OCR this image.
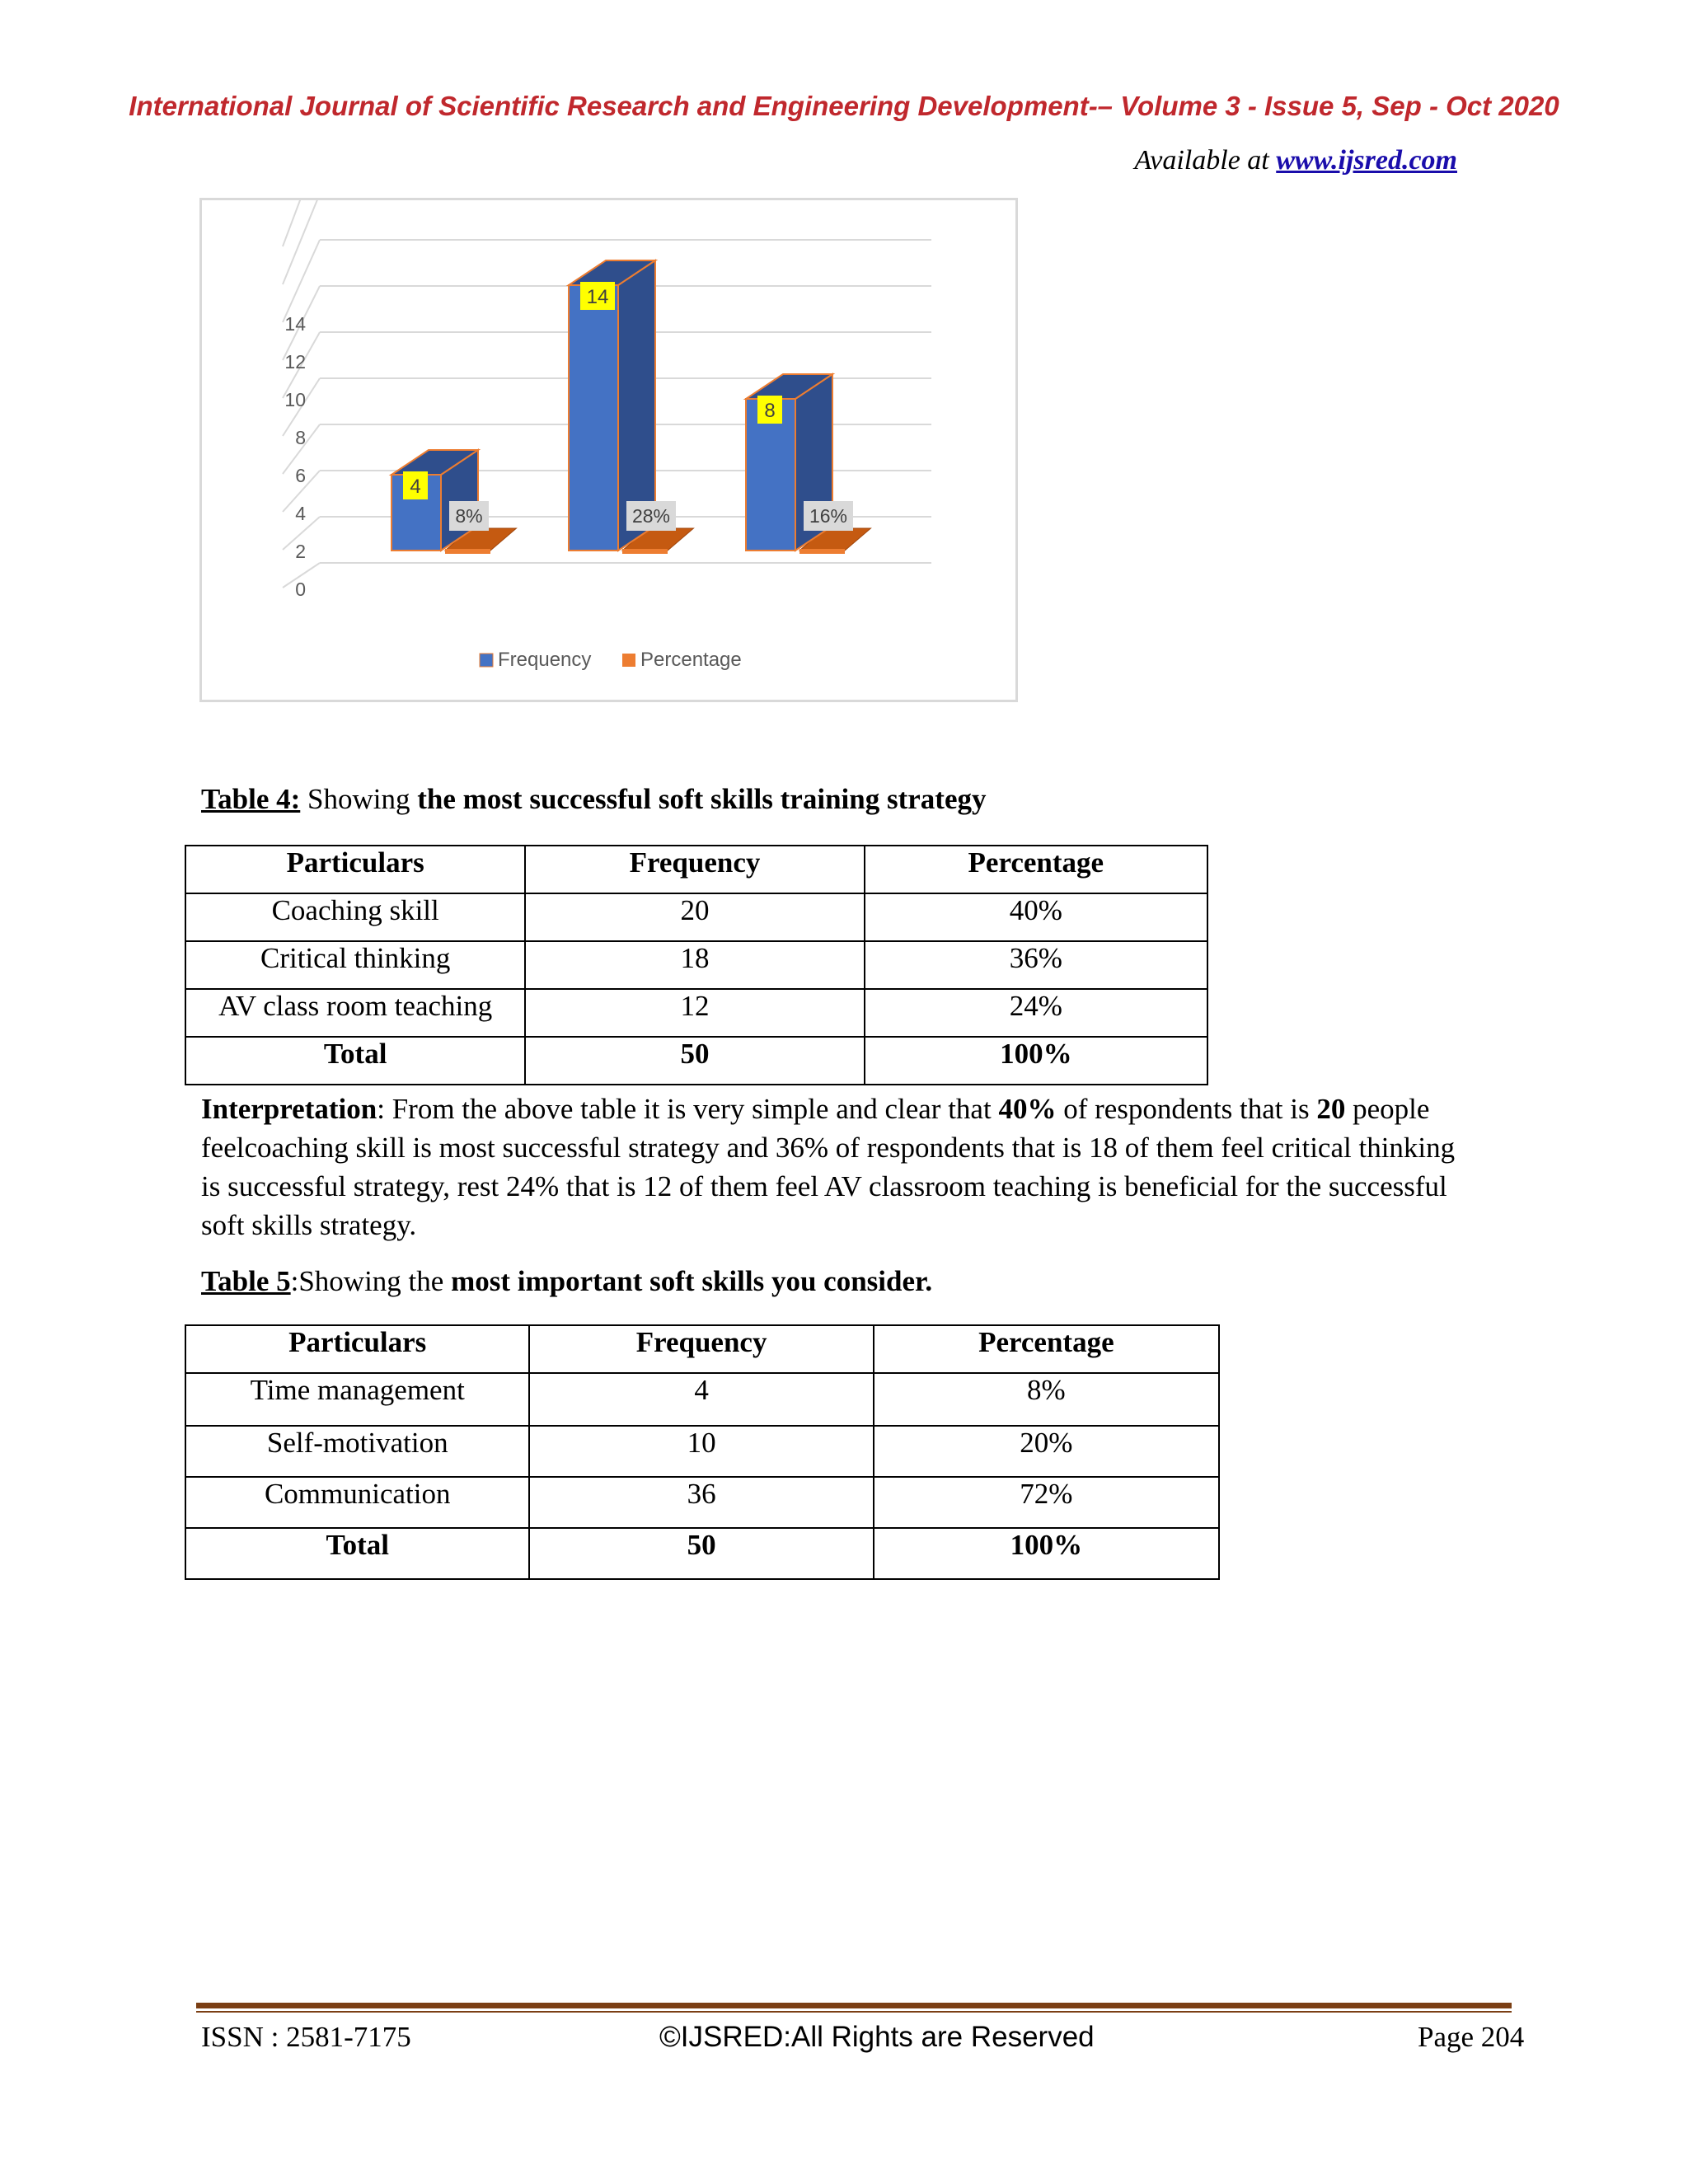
International Journal of Scientific Research and Engineering Development-– Volume 3 - Issue 5, Sep - Oct 2020
Available at www.ijsred.com
0
2
4
6
8
10
12
14
4
8%
14
28%
8
16%
Frequency Percentage
Table 4: Showing the most successful soft skills training strategy
Particulars	Frequency	Percentage
Coaching skill	20	40%
Critical thinking	18	36%
AV class room teaching	12	24%
Total	50	100%
Interpretation: From the above table it is very simple and clear that 40% of respondents that is 20 people feelcoaching skill is most successful strategy and 36% of respondents that is 18 of them feel critical thinking is successful strategy, rest 24% that is 12 of them feel AV classroom teaching is beneficial for the successful soft skills strategy.
Table 5:Showing the most important soft skills you consider.
Particulars	Frequency	Percentage
Time management	4	8%
Self-motivation	10	20%
Communication	36	72%
Total	50	100%
ISSN : 2581-7175	©IJSRED:All Rights are Reserved	Page 204
